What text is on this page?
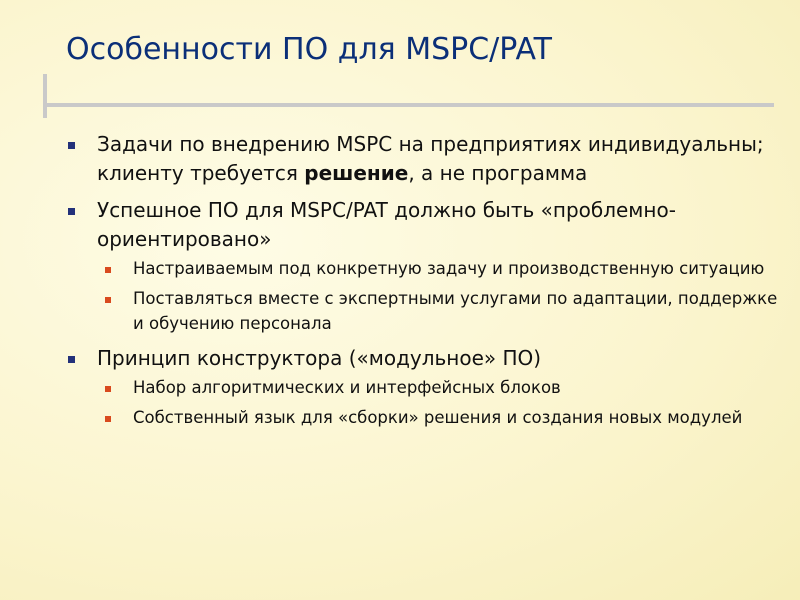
Особенности ПО для MSPC/PAT
Задачи по внедрению MSPC на предприятиях индивидуальны; клиенту требуется решение, а не программа
Успешное ПО для MSPC/PAT должно быть «проблемно-ориентировано»
Настраиваемым под конкретную задачу и производственную ситуацию
Поставляться вместе с экспертными услугами по адаптации, поддержке и обучению персонала
Принцип конструктора («модульное» ПО)
Набор алгоритмических и интерфейсных блоков
Собственный язык для «сборки» решения и создания новых модулей
